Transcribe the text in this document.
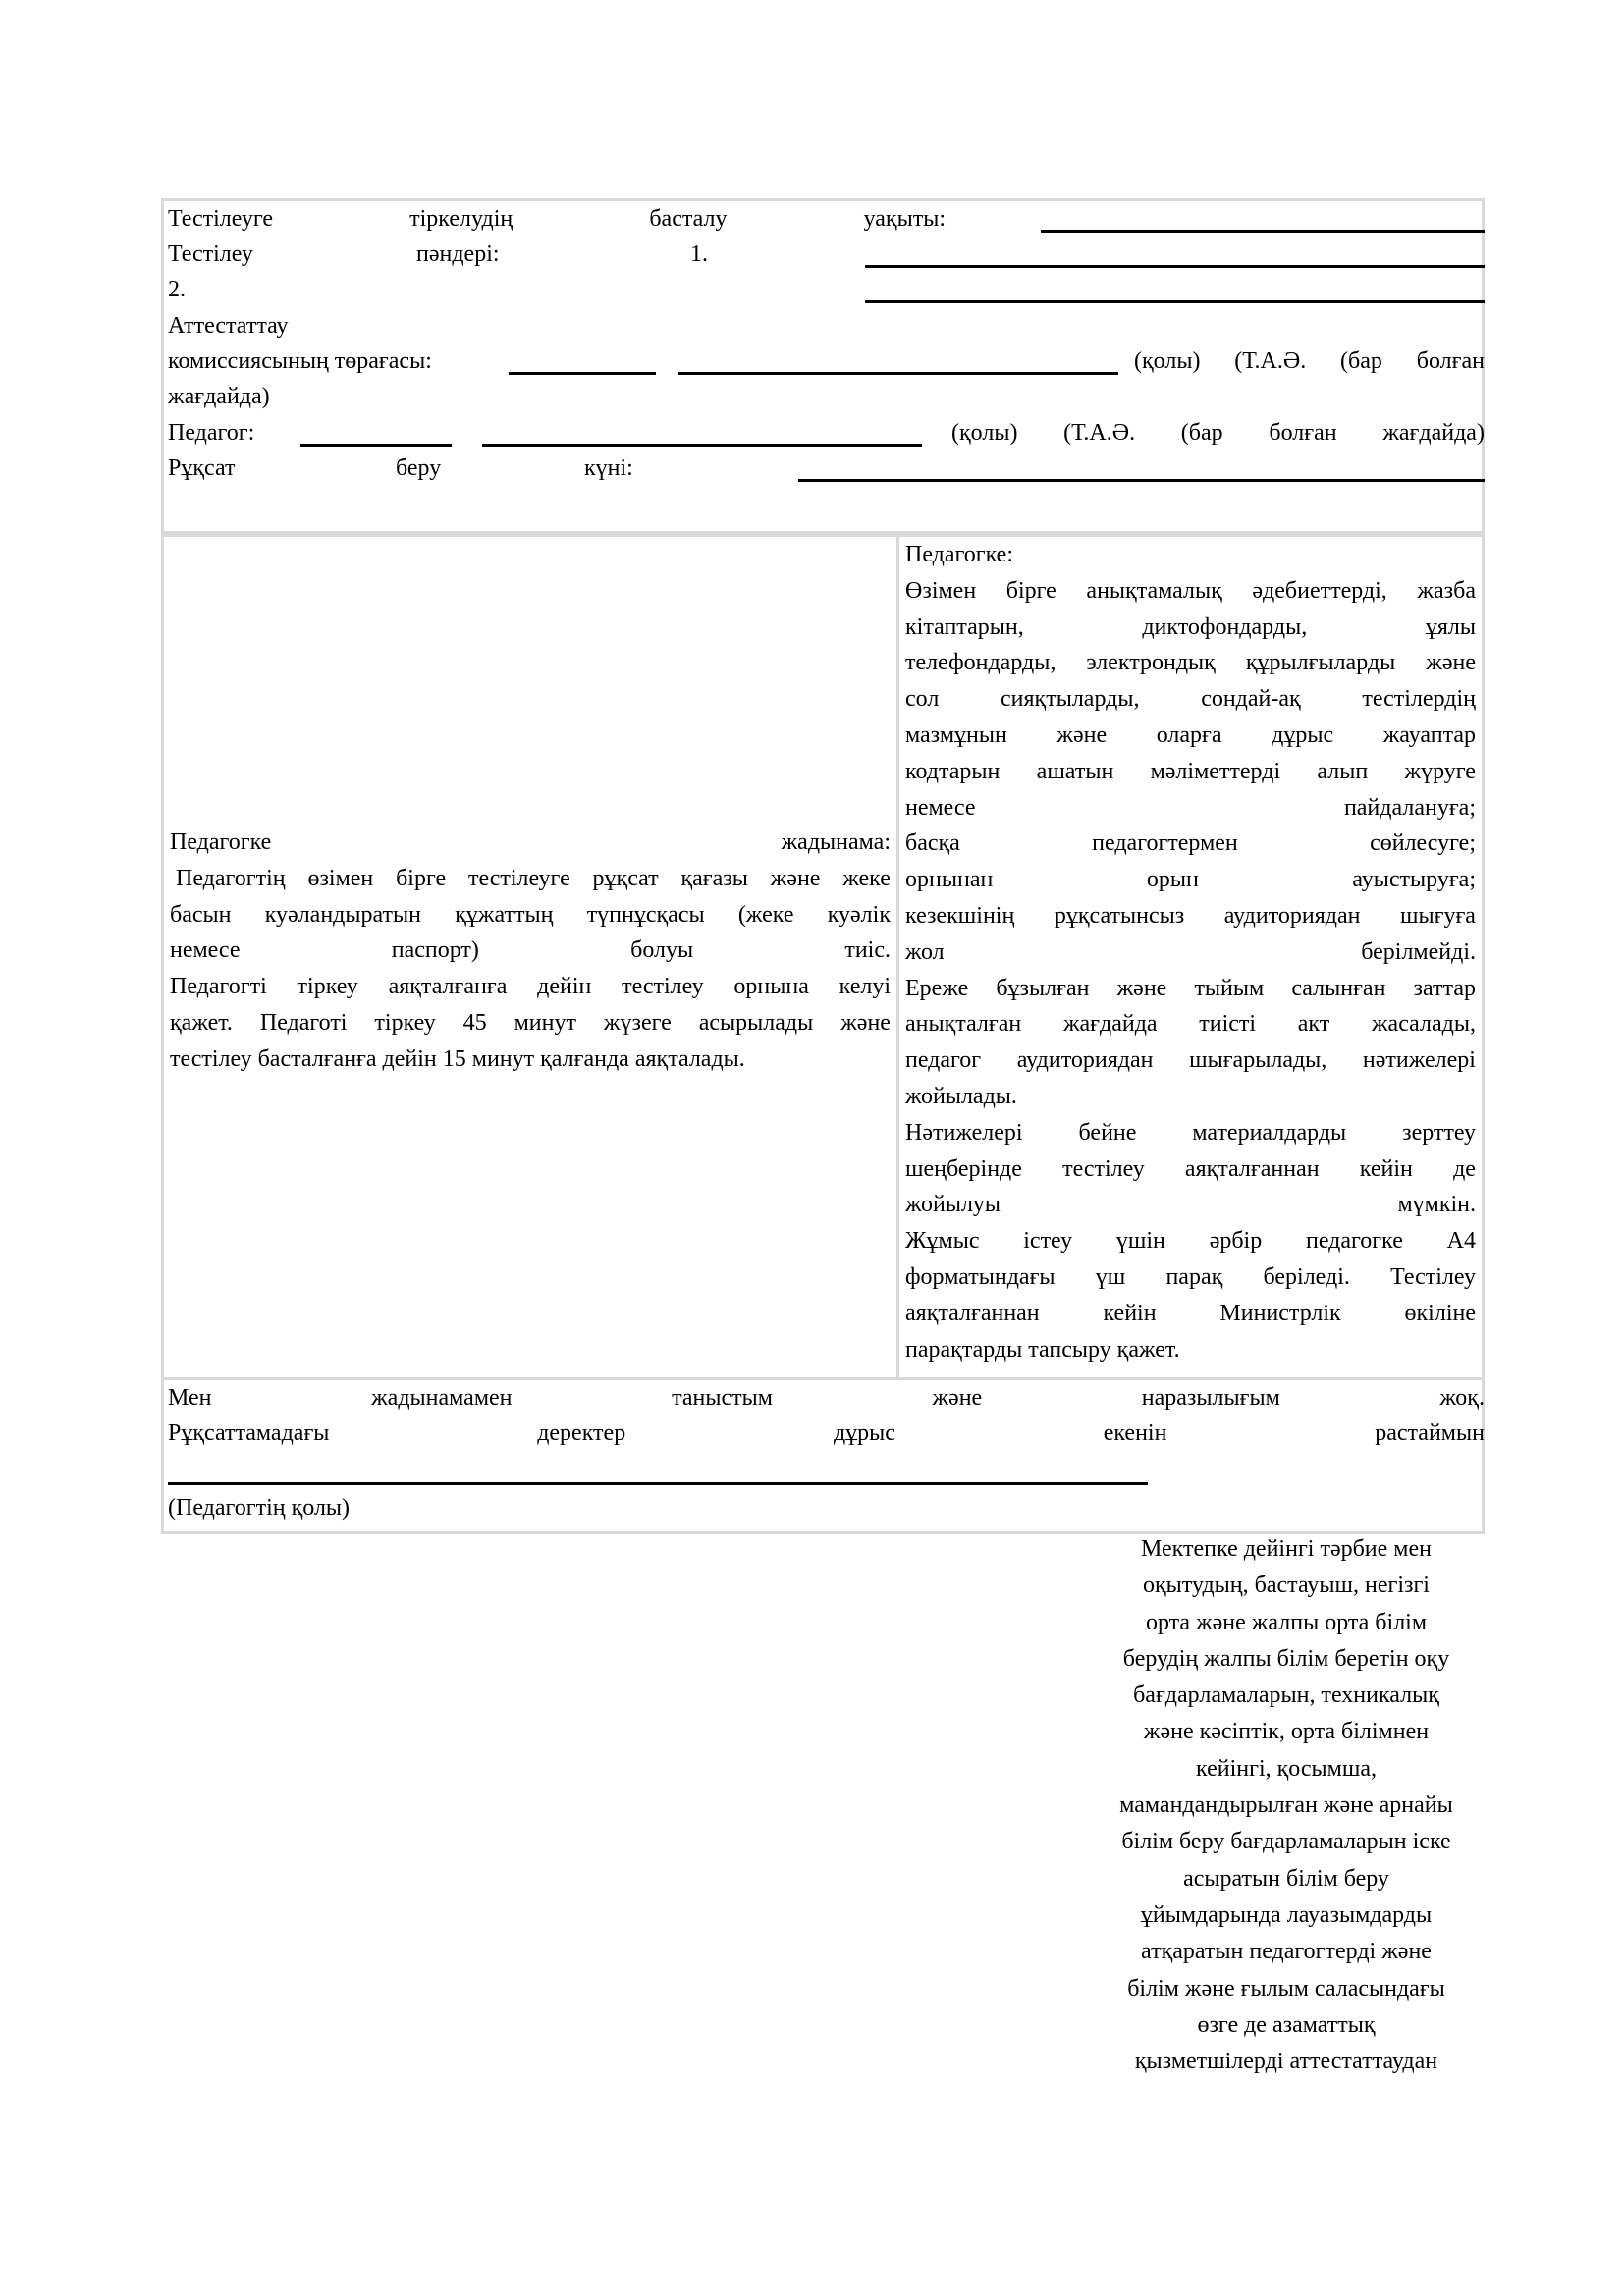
Тестілеуге	тіркелудің	басталу	уақыты:
Тестілеу	пәндері:	1.
2.
Аттестаттау
комиссиясының төрағасы:	(қолы) (Т.А.Ә. (бар болған
жағдайда)
Педагог:	(қолы) (Т.А.Ә. (бар болған жағдайда)
Рұқсат	беру	күні:
Педагогке	жадынама:
Педагогтің өзімен бірге тестілеуге рұқсат қағазы және жеке
басын куәландыратын құжаттың түпнұсқасы (жеке куәлік
немесе	паспорт)	болуы	тиіс.
Педагогті тіркеу аяқталғанға дейін тестілеу орнына келуі
қажет. Педаготі тіркеу 45 минут жүзеге асырылады және
тестілеу басталғанға дейін 15 минут қалғанда аяқталады.
Педагогке:
Өзімен бірге анықтамалық әдебиеттерді, жазба
кітаптарын,	диктофондарды,	ұялы
телефондарды, электрондық құрылғыларды және
сол	сияқтыларды,	сондай-ақ	тестілердің
мазмұнын және оларға дұрыс жауаптар
кодтарын ашатын мәліметтерді алып жүруге
немесе	пайдалануға;
басқа	педагогтермен	сөйлесуге;
орнынан	орын	ауыстыруға;
кезекшінің рұқсатынсыз аудиториядан шығуға
жол	берілмейді.
Ереже бұзылған және тыйым салынған заттар
анықталған жағдайда тиісті акт жасалады,
педагог аудиториядан шығарылады, нәтижелері
жойылады.
Нәтижелері бейне материалдарды зерттеу
шеңберінде тестілеу аяқталғаннан кейін де
жойылуы	мүмкін.
Жұмыс істеу үшін әрбір педагогке А4
форматындағы үш парақ беріледі. Тестілеу
аяқталғаннан	кейін	Министрлік	өкіліне
парақтарды тапсыру қажет.
Мен	жадынамамен	таныстым	және	наразылығым	жоқ.
Рұқсаттамадағы	деректер	дұрыс	екенін	растаймын
(Педагогтің қолы)
Мектепке дейінгі тәрбие мен
оқытудың, бастауыш, негізгі
орта және жалпы орта білім
берудің жалпы білім беретін оқу
бағдарламаларын, техникалық
және кәсіптік, орта білімнен
кейінгі, қосымша,
мамандандырылған және арнайы
білім беру бағдарламаларын іске
асыратын білім беру
ұйымдарында лауазымдарды
атқаратын педагогтерді және
білім және ғылым саласындағы
өзге де азаматтық
қызметшілерді аттестаттаудан
